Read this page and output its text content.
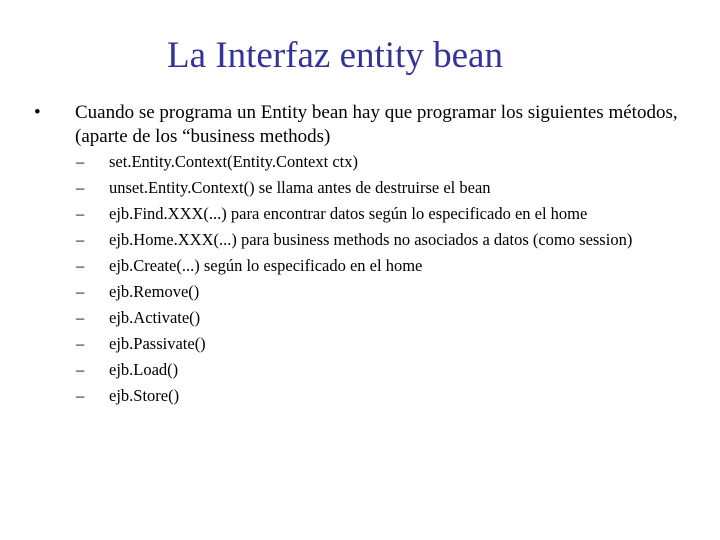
La Interfaz entity bean
•	Cuando se programa un Entity bean hay que programar los siguientes métodos, (aparte de los “business methods)
– set.Entity.Context(Entity.Context ctx)
– unset.Entity.Context() se llama antes de destruirse el bean
– ejb.Find.XXX(...) para encontrar datos según lo especificado en el home
– ejb.Home.XXX(...) para business methods no asociados a datos (como session)
– ejb.Create(...) según lo especificado en el home
– ejb.Remove()
– ejb.Activate()
– ejb.Passivate()
– ejb.Load()
– ejb.Store()
